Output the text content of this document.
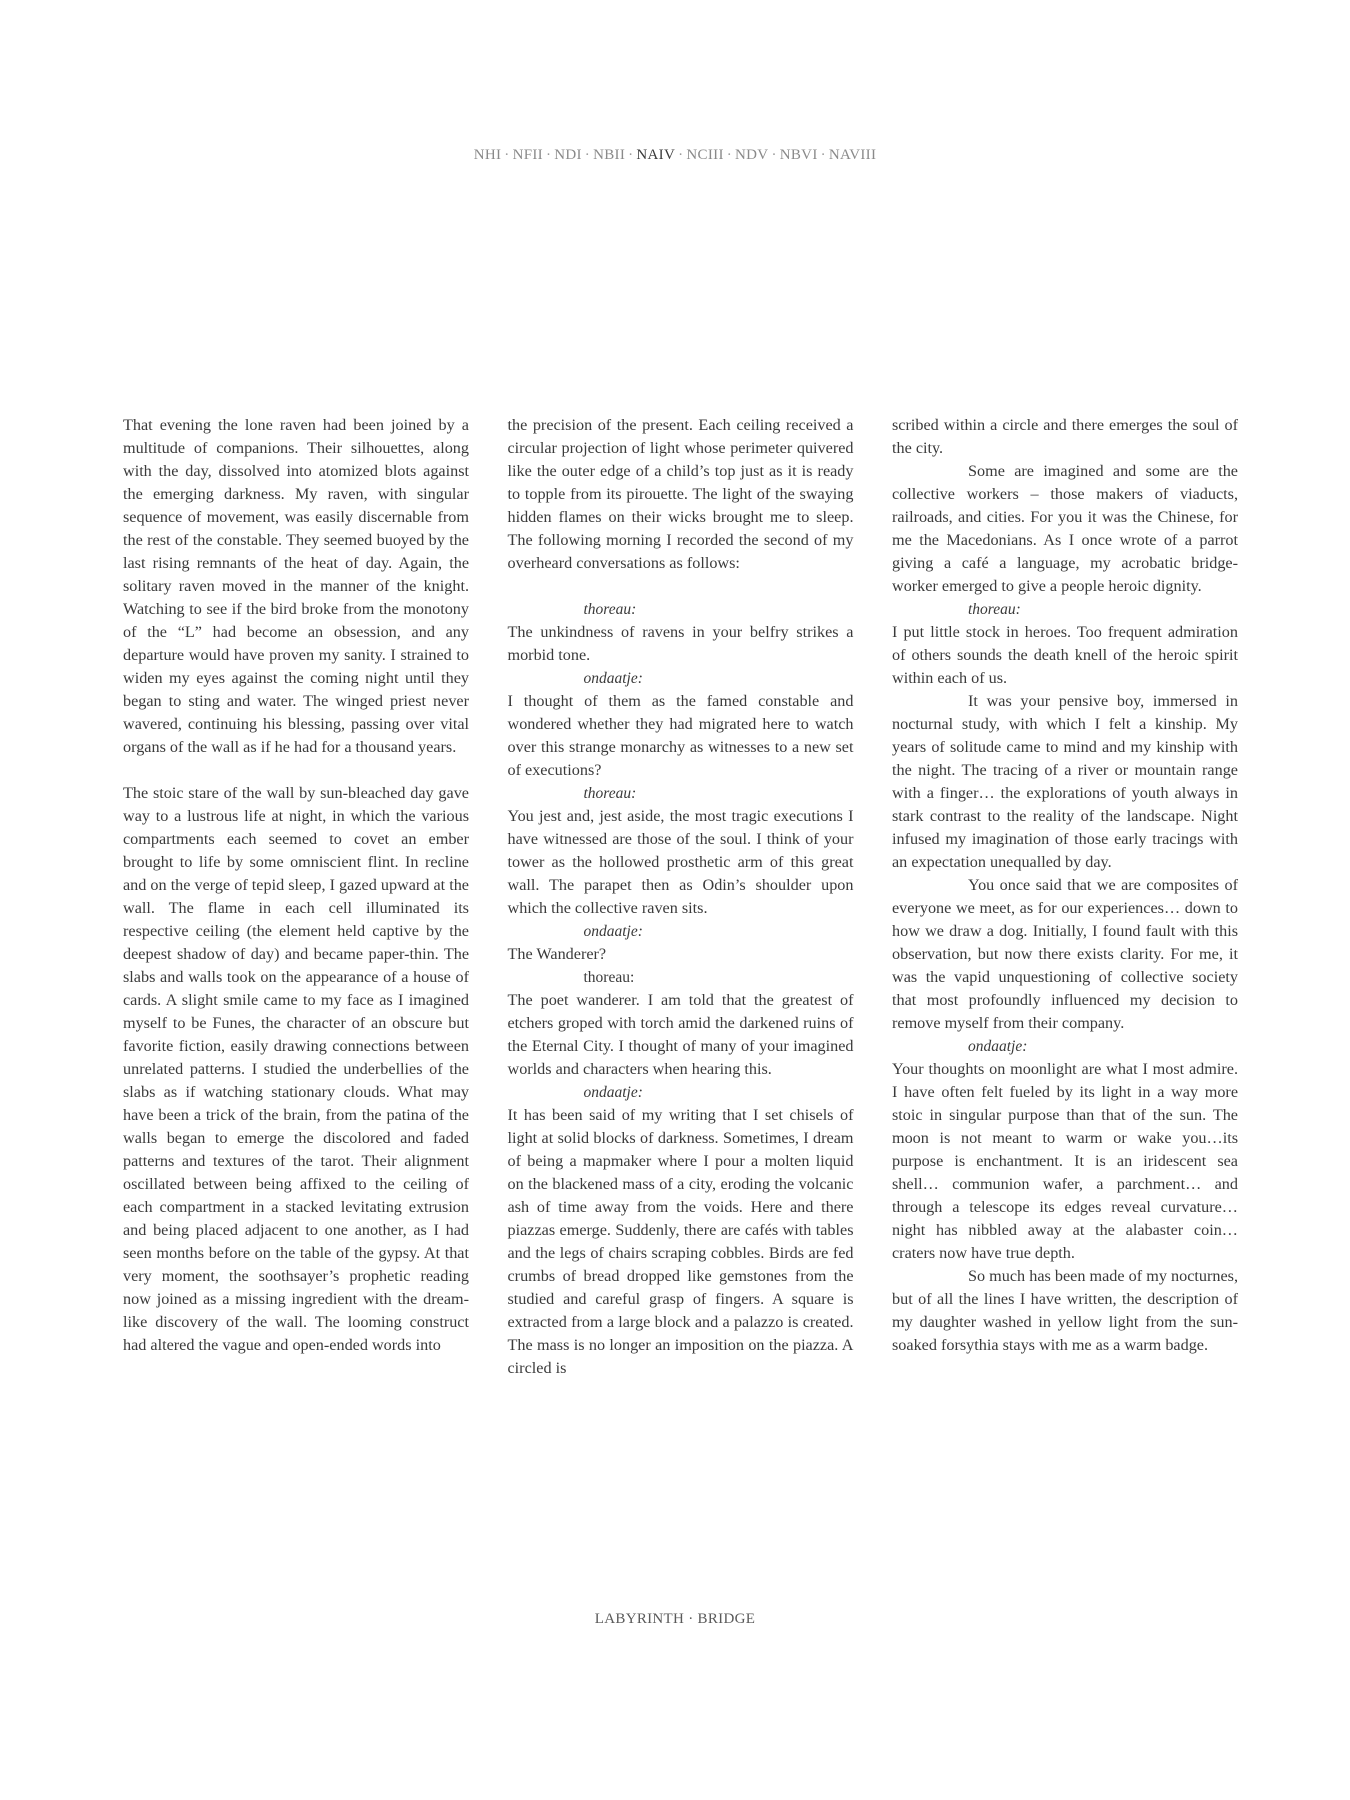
NHI · NFII · NDI · NBII · NAIV · NCIII · NDV · NBVI · NAVIII

That evening the lone raven had been joined by a multitude of companions. Their silhouettes, along with the day, dissolved into atomized blots against the emerging darkness. My raven, with singular sequence of movement, was easily discernable from the rest of the constable. They seemed buoyed by the last rising remnants of the heat of day. Again, the solitary raven moved in the manner of the knight. Watching to see if the bird broke from the monotony of the “L” had become an obsession, and any departure would have proven my sanity. I strained to widen my eyes against the coming night until they began to sting and water. The winged priest never wavered, continuing his blessing, passing over vital organs of the wall as if he had for a thousand years.

The stoic stare of the wall by sun-bleached day gave way to a lustrous life at night, in which the various compartments each seemed to covet an ember brought to life by some omniscient flint. In recline and on the verge of tepid sleep, I gazed upward at the wall. The flame in each cell illuminated its respective ceiling (the element held captive by the deepest shadow of day) and became paper-thin. The slabs and walls took on the appearance of a house of cards. A slight smile came to my face as I imagined myself to be Funes, the character of an obscure but favorite fiction, easily drawing connections between unrelated patterns. I studied the underbellies of the slabs as if watching stationary clouds. What may have been a trick of the brain, from the patina of the walls began to emerge the discolored and faded patterns and textures of the tarot. Their alignment oscillated between being affixed to the ceiling of each compartment in a stacked levitating extrusion and being placed adjacent to one another, as I had seen months before on the table of the gypsy. At that very moment, the soothsayer’s prophetic reading now joined as a missing ingredient with the dream-like discovery of the wall. The looming construct had altered the vague and open-ended words into

the precision of the present. Each ceiling received a circular projection of light whose perimeter quivered like the outer edge of a child’s top just as it is ready to topple from its pirouette. The light of the swaying hidden flames on their wicks brought me to sleep. The following morning I recorded the second of my overheard conversations as follows:

thoreau:

The unkindness of ravens in your belfry strikes a morbid tone.

ondaatje:

I thought of them as the famed constable and wondered whether they had migrated here to watch over this strange monarchy as witnesses to a new set of executions?

thoreau:

You jest and, jest aside, the most tragic executions I have witnessed are those of the soul. I think of your tower as the hollowed prosthetic arm of this great wall. The parapet then as Odin’s shoulder upon which the collective raven sits.

ondaatje:

The Wanderer?

thoreau:

The poet wanderer. I am told that the greatest of etchers groped with torch amid the darkened ruins of the Eternal City. I thought of many of your imagined worlds and characters when hearing this.

ondaatje:

It has been said of my writing that I set chisels of light at solid blocks of darkness. Sometimes, I dream of being a mapmaker where I pour a molten liquid on the blackened mass of a city, eroding the volcanic ash of time away from the voids. Here and there piazzas emerge. Suddenly, there are cafés with tables and the legs of chairs scraping cobbles. Birds are fed crumbs of bread dropped like gemstones from the studied and careful grasp of fingers. A square is extracted from a large block and a palazzo is created. The mass is no longer an imposition on the piazza. A circled is

scribed within a circle and there emerges the soul of the city.

Some are imagined and some are the collective workers – those makers of viaducts, railroads, and cities. For you it was the Chinese, for me the Macedonians. As I once wrote of a parrot giving a café a language, my acrobatic bridge-worker emerged to give a people heroic dignity.

thoreau:

I put little stock in heroes. Too frequent admiration of others sounds the death knell of the heroic spirit within each of us.

It was your pensive boy, immersed in nocturnal study, with which I felt a kinship. My years of solitude came to mind and my kinship with the night. The tracing of a river or mountain range with a finger… the explorations of youth always in stark contrast to the reality of the landscape. Night infused my imagination of those early tracings with an expectation unequalled by day.

You once said that we are composites of everyone we meet, as for our experiences… down to how we draw a dog. Initially, I found fault with this observation, but now there exists clarity. For me, it was the vapid unquestioning of collective society that most profoundly influenced my decision to remove myself from their company.

ondaatje:

Your thoughts on moonlight are what I most admire. I have often felt fueled by its light in a way more stoic in singular purpose than that of the sun. The moon is not meant to warm or wake you…its purpose is enchantment. It is an iridescent sea shell… communion wafer, a parchment… and through a telescope its edges reveal curvature… night has nibbled away at the alabaster coin… craters now have true depth.

So much has been made of my nocturnes, but of all the lines I have written, the description of my daughter washed in yellow light from the sun-soaked forsythia stays with me as a warm badge.

LABYRINTH · BRIDGE
